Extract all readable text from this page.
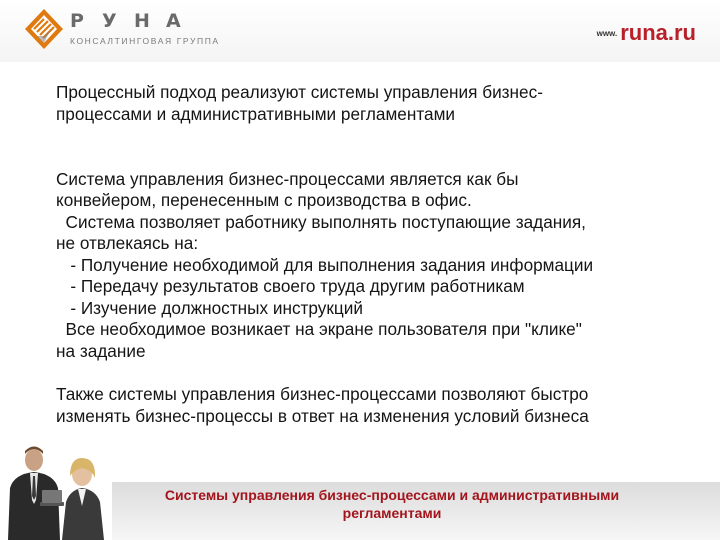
Р У Н А
КОНСАЛТИНГОВАЯ ГРУППА
www. runa.ru

Процессный подход реализуют системы управления бизнес-
процессами и административными регламентами

Система управления бизнес-процессами является как бы
конвейером, перенесенным с производства в офис.
Система позволяет работнику выполнять поступающие задания,
не отвлекаясь на:
- Получение необходимой для выполнения задания информации
- Передачу результатов своего труда другим работникам
- Изучение должностных инструкций
Все необходимое возникает на экране пользователя при "клике"
на задание

Также системы управления бизнес-процессами позволяют быстро
изменять бизнес-процессы в ответ на изменения условий бизнеса

Системы управления бизнес-процессами и административными
регламентами
